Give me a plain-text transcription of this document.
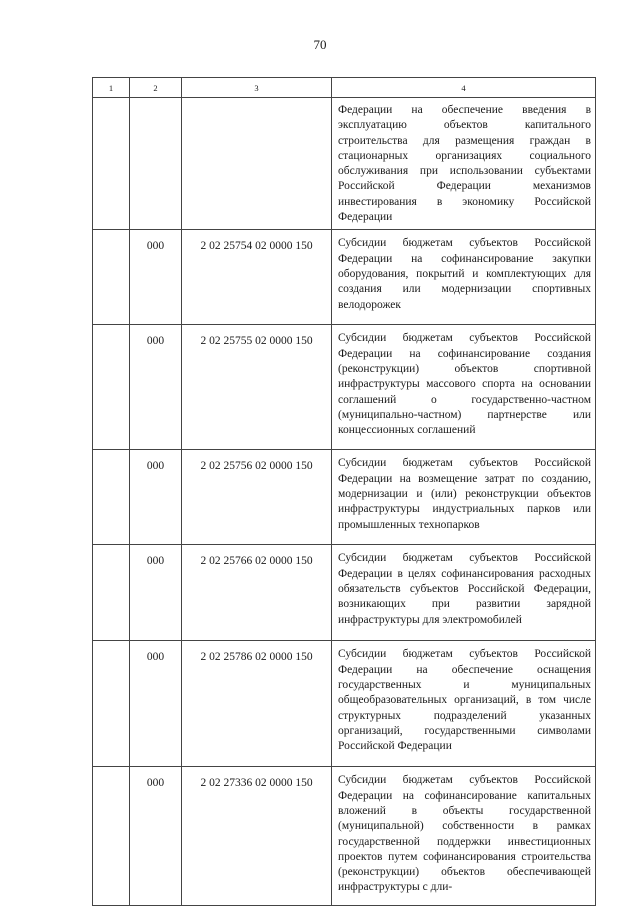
70
1	2	3	4
			Федерации на обеспечение введения в эксплуатацию объектов капитального строительства для размещения граждан в стационарных организациях социального обслуживания при использовании субъектами Российской Федерации механизмов инвестирования в экономику Российской Федерации
	000	2 02 25754 02 0000 150	Субсидии бюджетам субъектов Российской Федерации на софинансирование закупки оборудования, покрытий и комплектующих для создания или модернизации спортивных велодорожек
	000	2 02 25755 02 0000 150	Субсидии бюджетам субъектов Российской Федерации на софинансирование создания (реконструкции) объектов спортивной инфраструктуры массового спорта на основании соглашений о государственно-частном (муниципально-частном) партнерстве или концессионных соглашений
	000	2 02 25756 02 0000 150	Субсидии бюджетам субъектов Российской Федерации на возмещение затрат по созданию, модернизации и (или) реконструкции объектов инфраструктуры индустриальных парков или промышленных технопарков
	000	2 02 25766 02 0000 150	Субсидии бюджетам субъектов Российской Федерации в целях софинансирования расходных обязательств субъектов Российской Федерации, возникающих при развитии зарядной инфраструктуры для электромобилей
	000	2 02 25786 02 0000 150	Субсидии бюджетам субъектов Российской Федерации на обеспечение оснащения государственных и муниципальных общеобразовательных организаций, в том числе структурных подразделений указанных организаций, государственными символами Российской Федерации
	000	2 02 27336 02 0000 150	Субсидии бюджетам субъектов Российской Федерации на софинансирование капитальных вложений в объекты государственной (муниципальной) собственности в рамках государственной поддержки инвестиционных проектов путем софинансирования строительства (реконструкции) объектов обеспечивающей инфраструктуры с дли-
